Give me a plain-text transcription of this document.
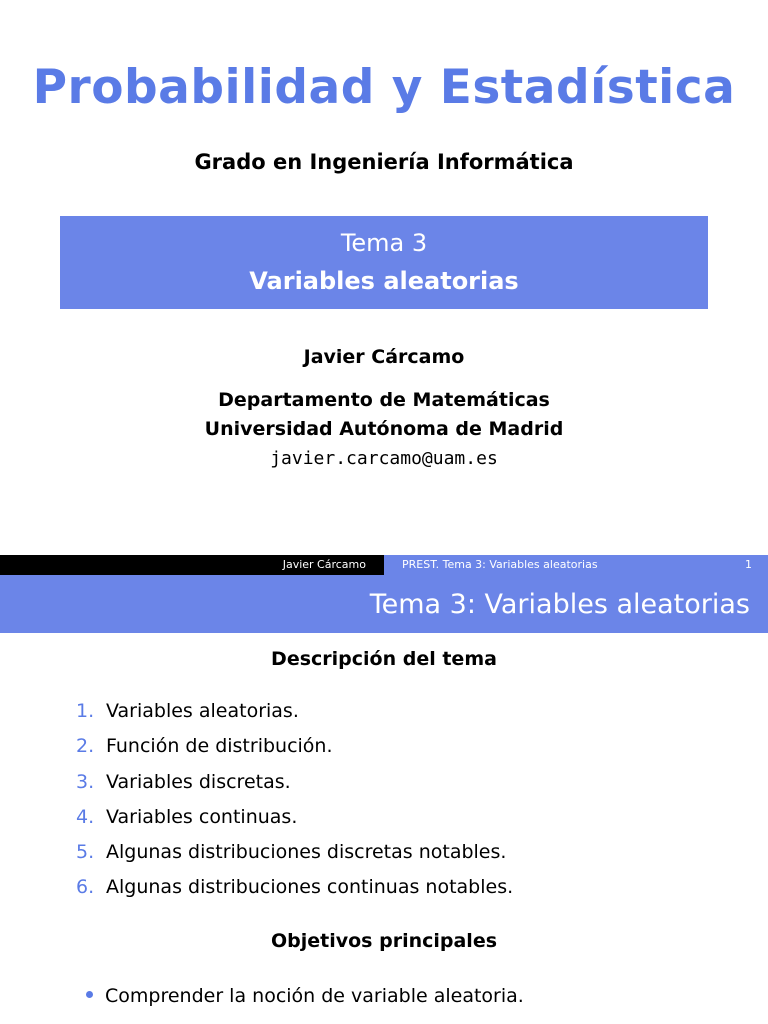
Probabilidad y Estadística
Grado en Ingeniería Informática
Tema 3
Variables aleatorias
Javier Cárcamo
Departamento de Matemáticas
Universidad Autónoma de Madrid
javier.carcamo@uam.es
Javier Cárcamo	PREST. Tema 3: Variables aleatorias	1
Tema 3: Variables aleatorias
Descripción del tema
1. Variables aleatorias.
2. Función de distribución.
3. Variables discretas.
4. Variables continuas.
5. Algunas distribuciones discretas notables.
6. Algunas distribuciones continuas notables.
Objetivos principales
Comprender la noción de variable aleatoria.
